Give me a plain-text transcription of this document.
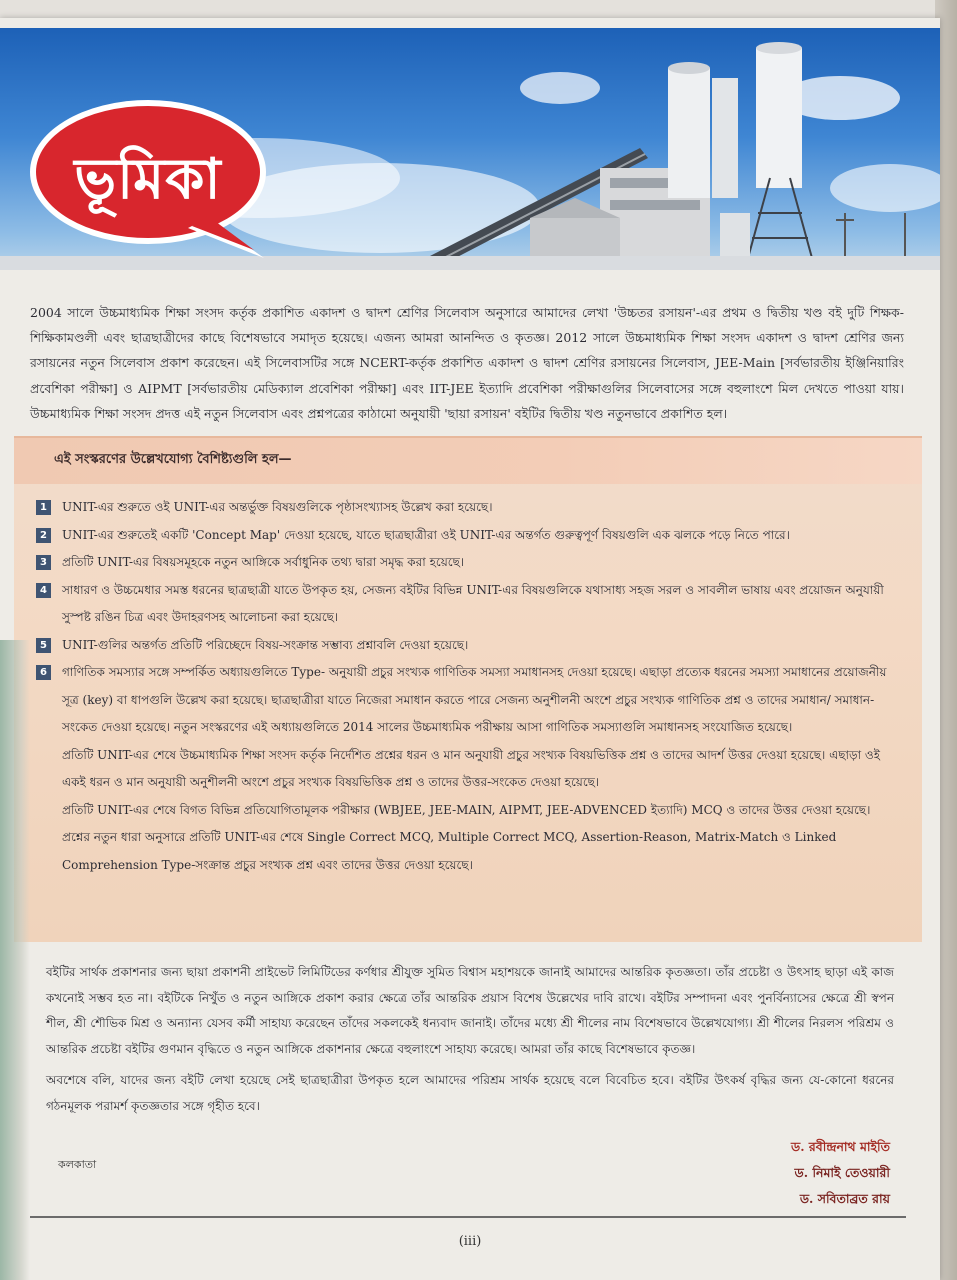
ভূমিকা
2004 সালে উচ্চমাধ্যমিক শিক্ষা সংসদ কর্তৃক প্রকাশিত একাদশ ও দ্বাদশ শ্রেণির সিলেবাস অনুসারে আমাদের লেখা 'উচ্চতর রসায়ন'-এর প্রথম ও দ্বিতীয় খণ্ড বই দুটি শিক্ষক-শিক্ষিকামণ্ডলী এবং ছাত্রছাত্রীদের কাছে বিশেষভাবে সমাদৃত হয়েছে। এজন্য আমরা আনন্দিত ও কৃতজ্ঞ। 2012 সালে উচ্চমাধ্যমিক শিক্ষা সংসদ একাদশ ও দ্বাদশ শ্রেণির জন্য রসায়নের নতুন সিলেবাস প্রকাশ করেছেন। এই সিলেবাসটির সঙ্গে NCERT-কর্তৃক প্রকাশিত একাদশ ও দ্বাদশ শ্রেণির রসায়নের সিলেবাস, JEE-Main [সর্বভারতীয় ইঞ্জিনিয়ারিং প্রবেশিকা পরীক্ষা] ও AIPMT [সর্বভারতীয় মেডিক্যাল প্রবেশিকা পরীক্ষা] এবং IIT-JEE ইত্যাদি প্রবেশিকা পরীক্ষাগুলির সিলেবাসের সঙ্গে বহুলাংশে মিল দেখতে পাওয়া যায়। উচ্চমাধ্যমিক শিক্ষা সংসদ প্রদত্ত এই নতুন সিলেবাস এবং প্রশ্নপত্রের কাঠামো অনুযায়ী 'ছায়া রসায়ন' বইটির দ্বিতীয় খণ্ড নতুনভাবে প্রকাশিত হল।
এই সংস্করণের উল্লেখযোগ্য বৈশিষ্ট্যগুলি হল—
1	UNIT-এর শুরুতে ওই UNIT-এর অন্তর্ভুক্ত বিষয়গুলিকে পৃষ্ঠাসংখ্যাসহ উল্লেখ করা হয়েছে।
2	UNIT-এর শুরুতেই একটি 'Concept Map' দেওয়া হয়েছে, যাতে ছাত্রছাত্রীরা ওই UNIT-এর অন্তর্গত গুরুত্বপূর্ণ বিষয়গুলি এক ঝলকে পড়ে নিতে পারে।
3	প্রতিটি UNIT-এর বিষয়সমূহকে নতুন আঙ্গিকে সর্বাধুনিক তথ্য দ্বারা সমৃদ্ধ করা হয়েছে।
4	সাধারণ ও উচ্চমেধার সমস্ত ধরনের ছাত্রছাত্রী যাতে উপকৃত হয়, সেজন্য বইটির বিভিন্ন UNIT-এর বিষয়গুলিকে যথাসাধ্য সহজ সরল ও সাবলীল ভাষায় এবং প্রয়োজন অনুযায়ী সুস্পষ্ট রঙিন চিত্র এবং উদাহরণসহ আলোচনা করা হয়েছে।
5	UNIT-গুলির অন্তর্গত প্রতিটি পরিচ্ছেদে বিষয়-সংক্রান্ত সম্ভাব্য প্রশ্নাবলি দেওয়া হয়েছে।
6	গাণিতিক সমস্যার সঙ্গে সম্পর্কিত অধ্যায়গুলিতে Type- অনুযায়ী প্রচুর সংখ্যক গাণিতিক সমস্যা সমাধানসহ দেওয়া হয়েছে। এছাড়া প্রত্যেক ধরনের সমস্যা সমাধানের প্রয়োজনীয় সূত্র (key) বা ধাপগুলি উল্লেখ করা হয়েছে। ছাত্রছাত্রীরা যাতে নিজেরা সমাধান করতে পারে সেজন্য অনুশীলনী অংশে প্রচুর সংখ্যক গাণিতিক প্রশ্ন ও তাদের সমাধান/ সমাধান-সংকেত দেওয়া হয়েছে। নতুন সংস্করণের এই অধ্যায়গুলিতে 2014 সালের উচ্চমাধ্যমিক পরীক্ষায় আসা গাণিতিক সমস্যাগুলি সমাধানসহ সংযোজিত হয়েছে।
প্রতিটি UNIT-এর শেষে উচ্চমাধ্যমিক শিক্ষা সংসদ কর্তৃক নির্দেশিত প্রশ্নের ধরন ও মান অনুযায়ী প্রচুর সংখ্যক বিষয়ভিত্তিক প্রশ্ন ও তাদের আদর্শ উত্তর দেওয়া হয়েছে। এছাড়া ওই একই ধরন ও মান অনুযায়ী অনুশীলনী অংশে প্রচুর সংখ্যক বিষয়ভিত্তিক প্রশ্ন ও তাদের উত্তর-সংকেত দেওয়া হয়েছে।
প্রতিটি UNIT-এর শেষে বিগত বিভিন্ন প্রতিযোগিতামূলক পরীক্ষার (WBJEE, JEE-MAIN, AIPMT, JEE-ADVENCED ইত্যাদি) MCQ ও তাদের উত্তর দেওয়া হয়েছে।
প্রশ্নের নতুন ধারা অনুসারে প্রতিটি UNIT-এর শেষে Single Correct MCQ, Multiple Correct MCQ, Assertion-Reason, Matrix-Match ও Linked Comprehension Type-সংক্রান্ত প্রচুর সংখ্যক প্রশ্ন এবং তাদের উত্তর দেওয়া হয়েছে।

বইটির সার্থক প্রকাশনার জন্য ছায়া প্রকাশনী প্রাইভেট লিমিটিডের কর্ণধার শ্রীযুক্ত সুমিত বিশ্বাস মহাশয়কে জানাই আমাদের আন্তরিক কৃতজ্ঞতা। তাঁর প্রচেষ্টা ও উৎসাহ ছাড়া এই কাজ কখনোই সম্ভব হত না। বইটিকে নিখুঁত ও নতুন আঙ্গিকে প্রকাশ করার ক্ষেত্রে তাঁর আন্তরিক প্রয়াস বিশেষ উল্লেখের দাবি রাখে। বইটির সম্পাদনা এবং পুনর্বিন্যাসের ক্ষেত্রে শ্রী স্বপন শীল, শ্রী শৌভিক মিশ্র ও অন্যান্য যেসব কর্মী সাহায্য করেছেন তাঁদের সকলকেই ধন্যবাদ জানাই। তাঁদের মধ্যে শ্রী শীলের নাম বিশেষভাবে উল্লেখযোগ্য। শ্রী শীলের নিরলস পরিশ্রম ও আন্তরিক প্রচেষ্টা বইটির গুণমান বৃদ্ধিতে ও নতুন আঙ্গিকে প্রকাশনার ক্ষেত্রে বহুলাংশে সাহায্য করেছে। আমরা তাঁর কাছে বিশেষভাবে কৃতজ্ঞ।

অবশেষে বলি, যাদের জন্য বইটি লেখা হয়েছে সেই ছাত্রছাত্রীরা উপকৃত হলে আমাদের পরিশ্রম সার্থক হয়েছে বলে বিবেচিত হবে। বইটির উৎকর্ষ বৃদ্ধির জন্য যে-কোনো ধরনের গঠনমূলক পরামর্শ কৃতজ্ঞতার সঙ্গে গৃহীত হবে।

কলকাতা
ড. রবীন্দ্রনাথ মাইতি
ড. নিমাই তেওয়ারী
ড. সবিতাব্রত রায়
(iii)
